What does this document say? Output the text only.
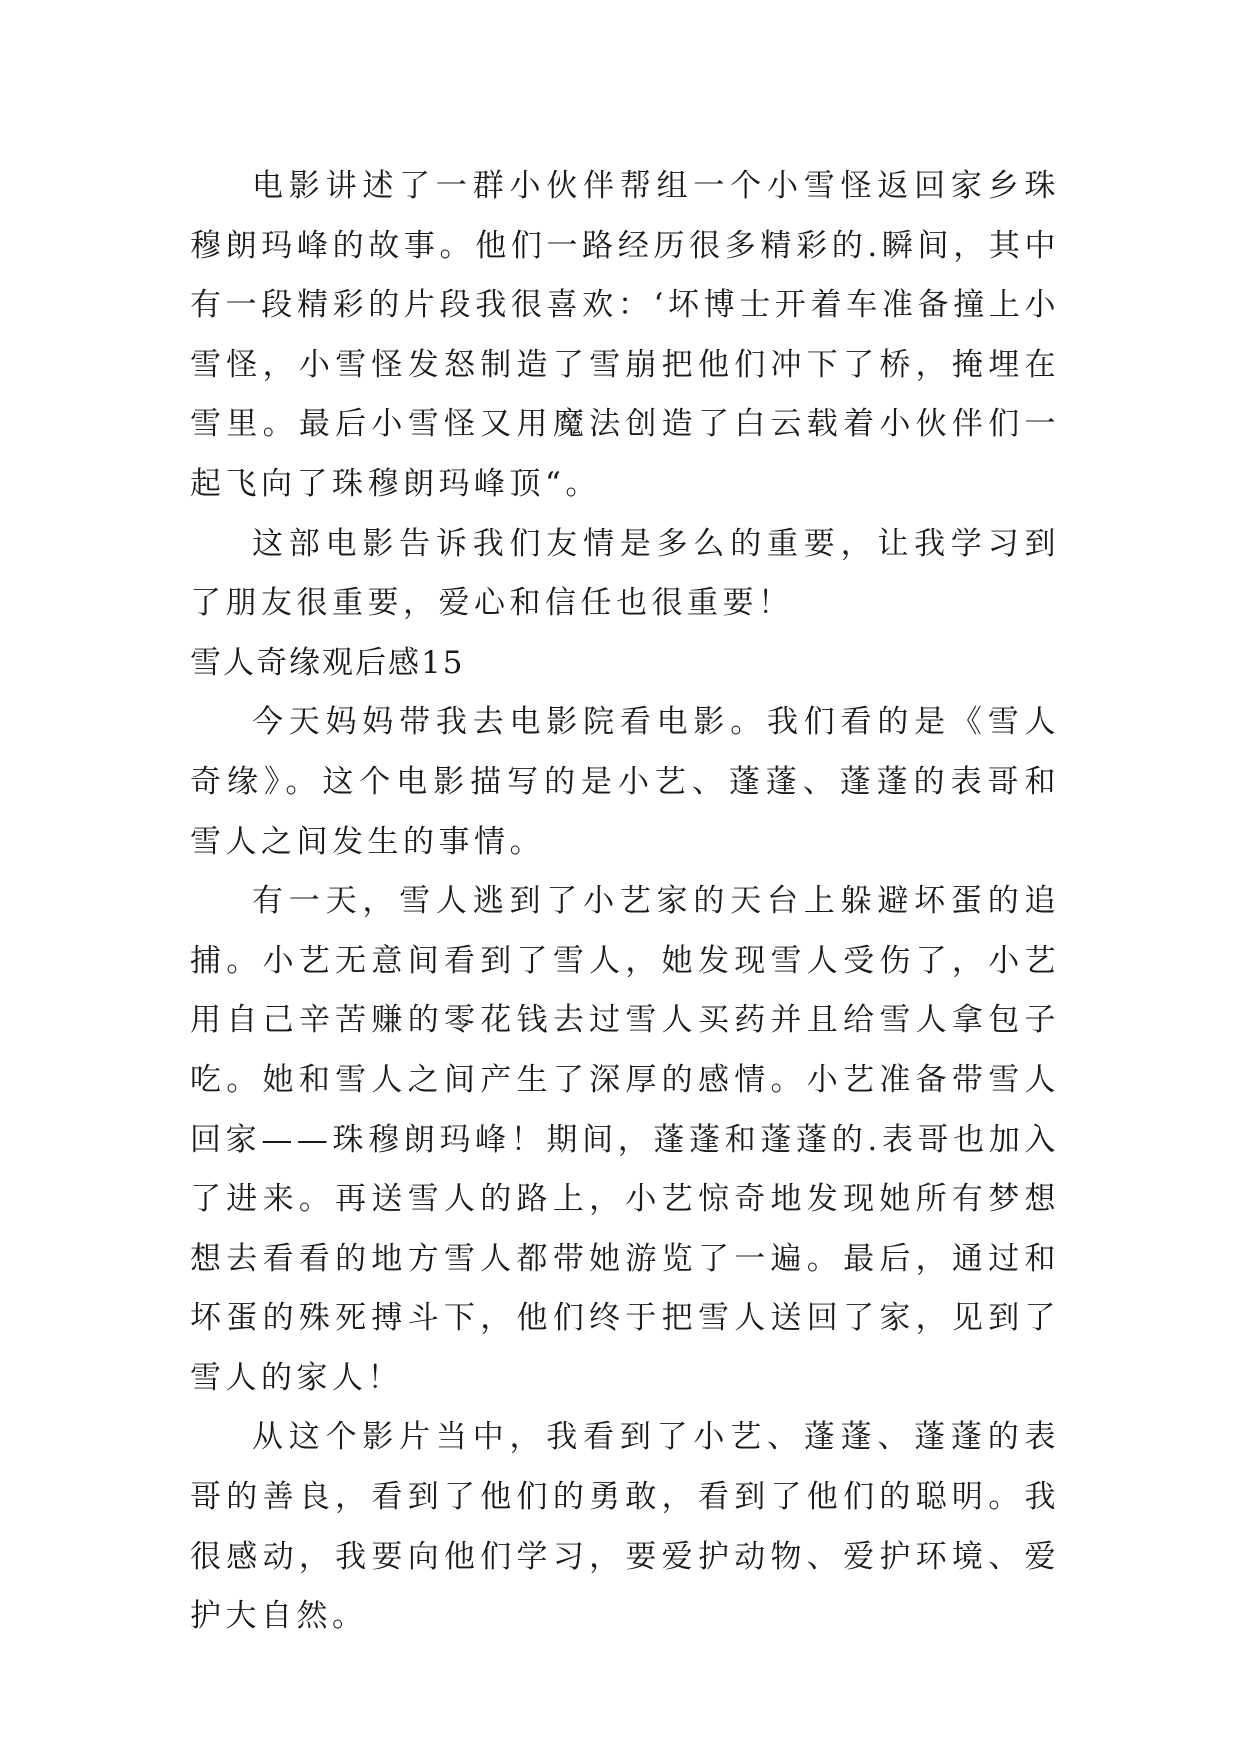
电影讲述了一群小伙伴帮组一个小雪怪返回家乡珠穆朗玛峰的故事。他们一路经历很多精彩的.瞬间，其中有一段精彩的片段我很喜欢：‘坏博士开着车准备撞上小雪怪，小雪怪发怒制造了雪崩把他们冲下了桥，掩埋在雪里。最后小雪怪又用魔法创造了白云载着小伙伴们一起飞向了珠穆朗玛峰顶“。

这部电影告诉我们友情是多么的重要，让我学习到了朋友很重要，爱心和信任也很重要！

雪人奇缘观后感15

今天妈妈带我去电影院看电影。我们看的是《雪人奇缘》。这个电影描写的是小艺、蓬蓬、蓬蓬的表哥和雪人之间发生的事情。

有一天，雪人逃到了小艺家的天台上躲避坏蛋的追捕。小艺无意间看到了雪人，她发现雪人受伤了，小艺用自己辛苦赚的零花钱去过雪人买药并且给雪人拿包子吃。她和雪人之间产生了深厚的感情。小艺准备带雪人回家——珠穆朗玛峰！期间，蓬蓬和蓬蓬的.表哥也加入了进来。再送雪人的路上，小艺惊奇地发现她所有梦想想去看看的地方雪人都带她游览了一遍。最后，通过和坏蛋的殊死搏斗下，他们终于把雪人送回了家，见到了雪人的家人！

从这个影片当中，我看到了小艺、蓬蓬、蓬蓬的表哥的善良，看到了他们的勇敢，看到了他们的聪明。我很感动，我要向他们学习，要爱护动物、爱护环境、爱护大自然。
